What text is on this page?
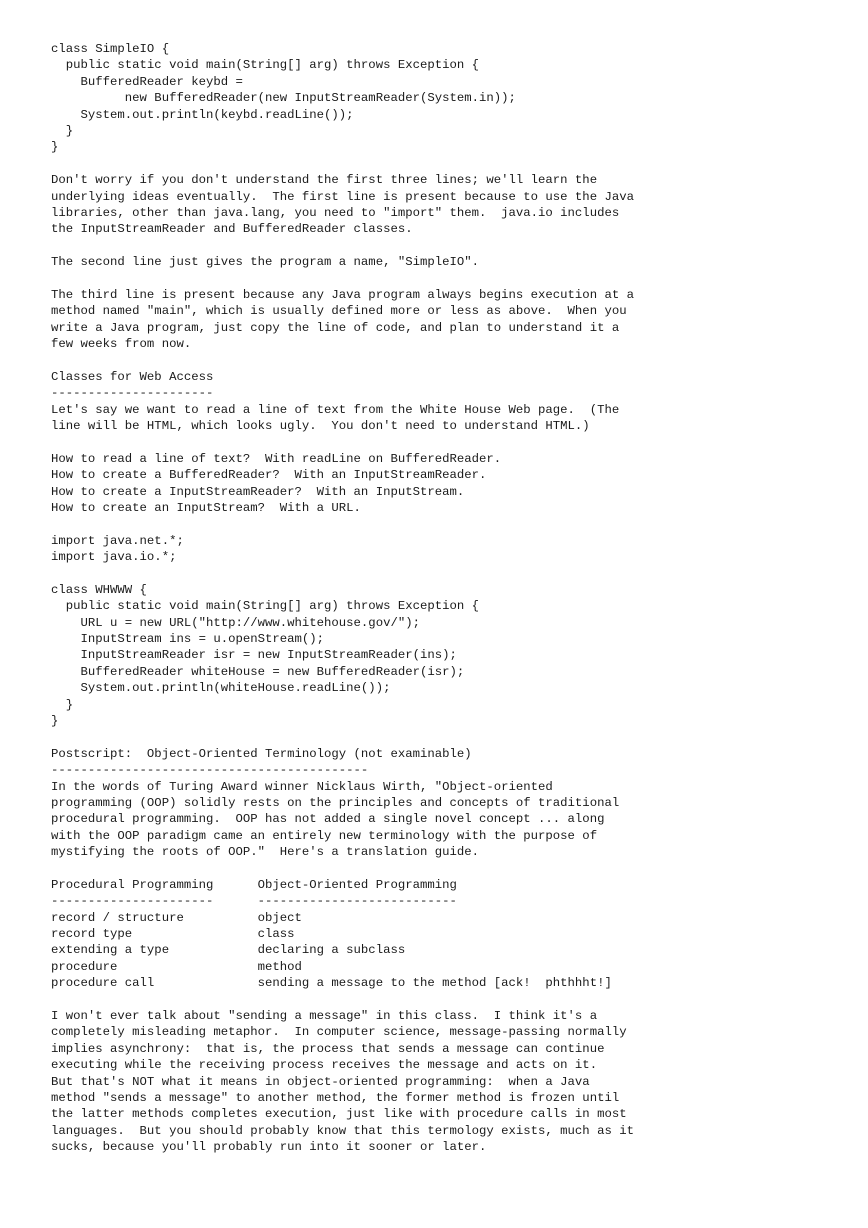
class SimpleIO {
public static void main(String[] arg) throws Exception {
BufferedReader keybd =
new BufferedReader(new InputStreamReader(System.in));
System.out.println(keybd.readLine());
}
}

Don't worry if you don't understand the first three lines; we'll learn the
underlying ideas eventually.  The first line is present because to use the Java
libraries, other than java.lang, you need to "import" them.  java.io includes
the InputStreamReader and BufferedReader classes.

The second line just gives the program a name, "SimpleIO".

The third line is present because any Java program always begins execution at a
method named "main", which is usually defined more or less as above.  When you
write a Java program, just copy the line of code, and plan to understand it a
few weeks from now.

Classes for Web Access
----------------------
Let's say we want to read a line of text from the White House Web page.  (The
line will be HTML, which looks ugly.  You don't need to understand HTML.)

How to read a line of text?  With readLine on BufferedReader.
How to create a BufferedReader?  With an InputStreamReader.
How to create a InputStreamReader?  With an InputStream.
How to create an InputStream?  With a URL.

import java.net.*;
import java.io.*;

class WHWWW {
public static void main(String[] arg) throws Exception {
URL u = new URL("http://www.whitehouse.gov/");
InputStream ins = u.openStream();
InputStreamReader isr = new InputStreamReader(ins);
BufferedReader whiteHouse = new BufferedReader(isr);
System.out.println(whiteHouse.readLine());
}
}

Postscript:  Object-Oriented Terminology (not examinable)
-------------------------------------------
In the words of Turing Award winner Nicklaus Wirth, "Object-oriented
programming (OOP) solidly rests on the principles and concepts of traditional
procedural programming.  OOP has not added a single novel concept ... along
with the OOP paradigm came an entirely new terminology with the purpose of
mystifying the roots of OOP."  Here's a translation guide.

Procedural Programming      Object-Oriented Programming
----------------------      ---------------------------
record / structure          object
record type                 class
extending a type            declaring a subclass
procedure                   method
procedure call              sending a message to the method [ack!  phthhht!]

I won't ever talk about "sending a message" in this class.  I think it's a
completely misleading metaphor.  In computer science, message-passing normally
implies asynchrony:  that is, the process that sends a message can continue
executing while the receiving process receives the message and acts on it.
But that's NOT what it means in object-oriented programming:  when a Java
method "sends a message" to another method, the former method is frozen until
the latter methods completes execution, just like with procedure calls in most
languages.  But you should probably know that this termology exists, much as it
sucks, because you'll probably run into it sooner or later.
